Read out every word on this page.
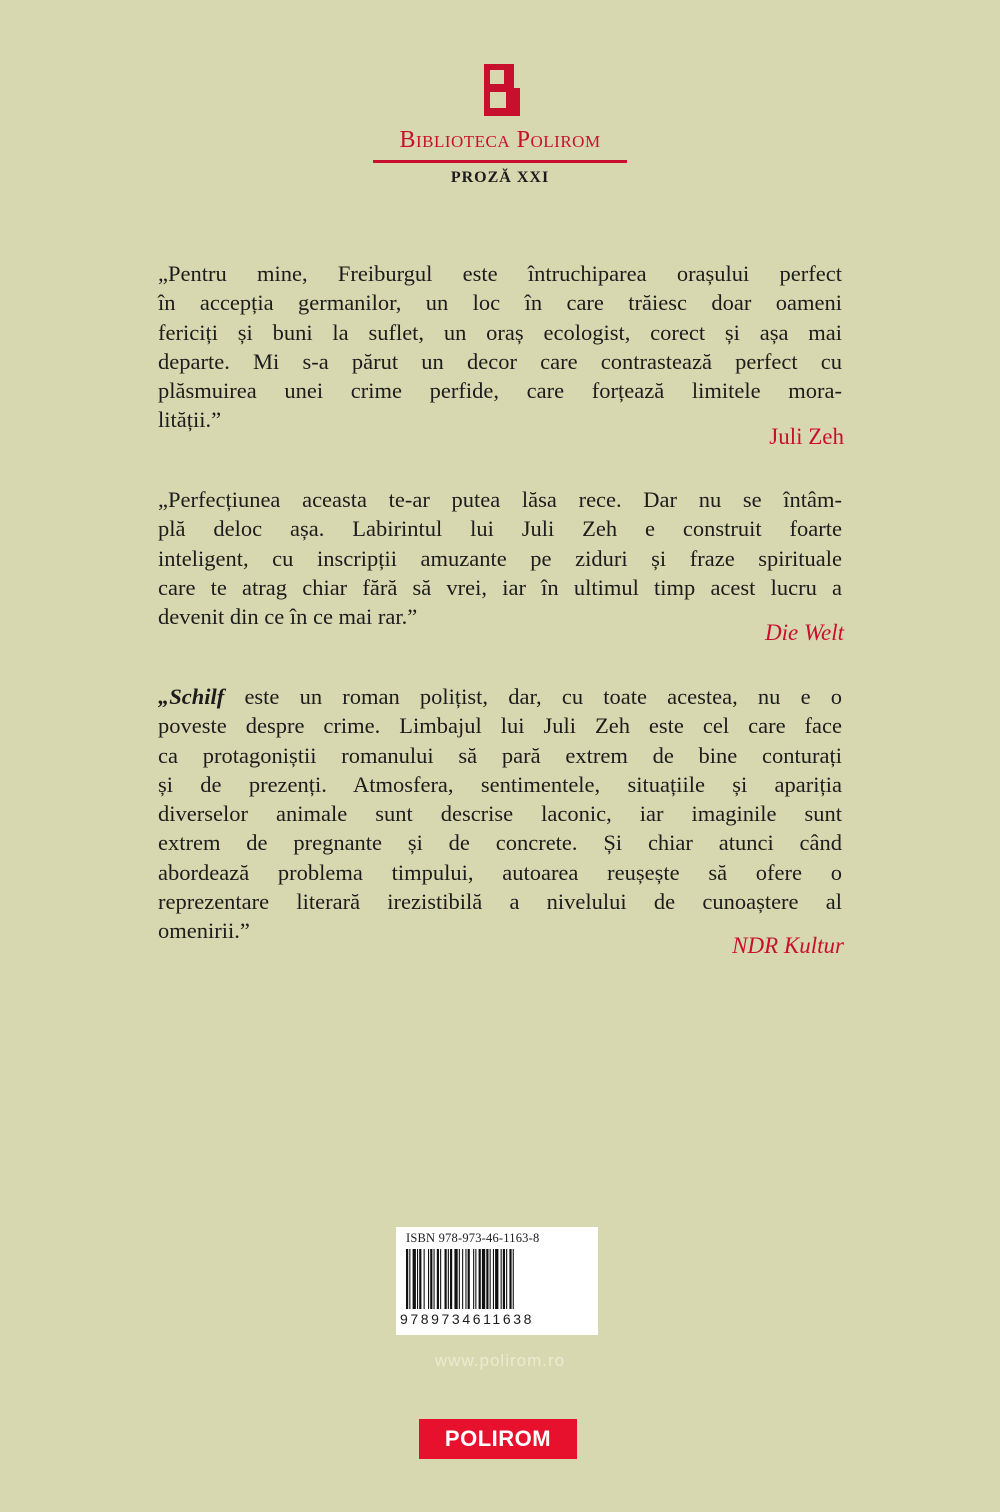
Biblioteca Polirom
PROZĂ XXI
„Pentru mine, Freiburgul este întruchiparea orașului perfect
în accepția germanilor, un loc în care trăiesc doar oameni
fericiți și buni la suflet, un oraș ecologist, corect și așa mai
departe. Mi s-a părut un decor care contrastează perfect cu
plăsmuirea unei crime perfide, care forțează limitele mora-
lității.”
Juli Zeh
„Perfecțiunea aceasta te-ar putea lăsa rece. Dar nu se întâm-
plă deloc așa. Labirintul lui Juli Zeh e construit foarte
inteligent, cu inscripții amuzante pe ziduri și fraze spirituale
care te atrag chiar fără să vrei, iar în ultimul timp acest lucru a
devenit din ce în ce mai rar.”
Die Welt
„Schilf este un roman polițist, dar, cu toate acestea, nu e o
poveste despre crime. Limbajul lui Juli Zeh este cel care face
ca protagoniștii romanului să pară extrem de bine conturați
și de prezenți. Atmosfera, sentimentele, situațiile și apariția
diverselor animale sunt descrise laconic, iar imaginile sunt
extrem de pregnante și de concrete. Și chiar atunci când
abordează problema timpului, autoarea reușește să ofere o
reprezentare literară irezistibilă a nivelului de cunoaștere al
omenirii.”
NDR Kultur
ISBN 978-973-46-1163-8
9789734611638
www.polirom.ro
POLIROM
